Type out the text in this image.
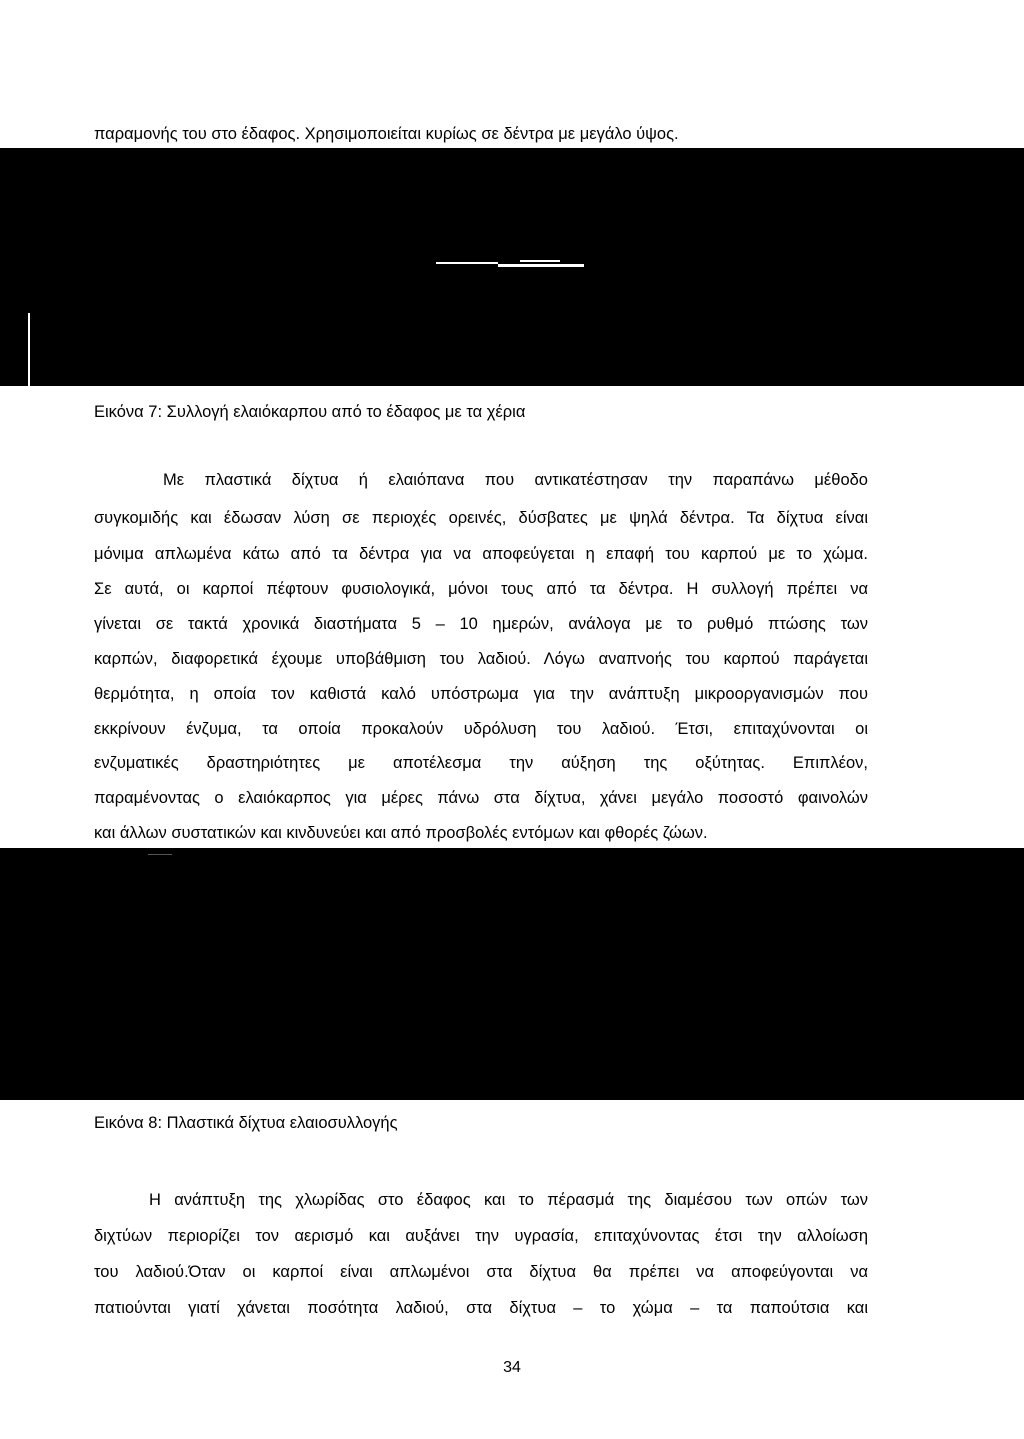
παραμονής του στο έδαφος. Χρησιμοποιείται κυρίως σε δέντρα με μεγάλο ύψος.
Εικόνα 7: Συλλογή ελαιόκαρπου από το έδαφος με τα χέρια
Με πλαστικά δίχτυα ή ελαιόπανα που αντικατέστησαν την παραπάνω μέθοδο
συγκομιδής και έδωσαν λύση σε περιοχές ορεινές, δύσβατες με ψηλά δέντρα. Τα δίχτυα είναι
μόνιμα απλωμένα κάτω από τα δέντρα για να αποφεύγεται η επαφή του καρπού με το χώμα.
Σε αυτά, οι καρποί πέφτουν φυσιολογικά, μόνοι τους από τα δέντρα. Η συλλογή πρέπει να
γίνεται σε τακτά χρονικά διαστήματα 5 – 10 ημερών, ανάλογα με το ρυθμό πτώσης των
καρπών, διαφορετικά έχουμε υποβάθμιση του λαδιού. Λόγω αναπνοής του καρπού παράγεται
θερμότητα, η οποία τον καθιστά καλό υπόστρωμα για την ανάπτυξη μικροοργανισμών που
εκκρίνουν ένζυμα, τα οποία προκαλούν υδρόλυση του λαδιού. Έτσι, επιταχύνονται οι
ενζυματικές δραστηριότητες με αποτέλεσμα την αύξηση της οξύτητας. Επιπλέον,
παραμένοντας ο ελαιόκαρπος για μέρες πάνω στα δίχτυα, χάνει μεγάλο ποσοστό φαινολών
και άλλων συστατικών και κινδυνεύει και από προσβολές εντόμων και φθορές ζώων.
Εικόνα 8: Πλαστικά δίχτυα ελαιοσυλλογής
Η ανάπτυξη της χλωρίδας στο έδαφος και το πέρασμά της διαμέσου των οπών των
διχτύων περιορίζει τον αερισμό και αυξάνει την υγρασία, επιταχύνοντας έτσι την αλλοίωση
του λαδιού.Όταν οι καρποί είναι απλωμένοι στα δίχτυα θα πρέπει να αποφεύγονται να
πατιούνται γιατί χάνεται ποσότητα λαδιού, στα δίχτυα – το χώμα – τα παπούτσια και
34
